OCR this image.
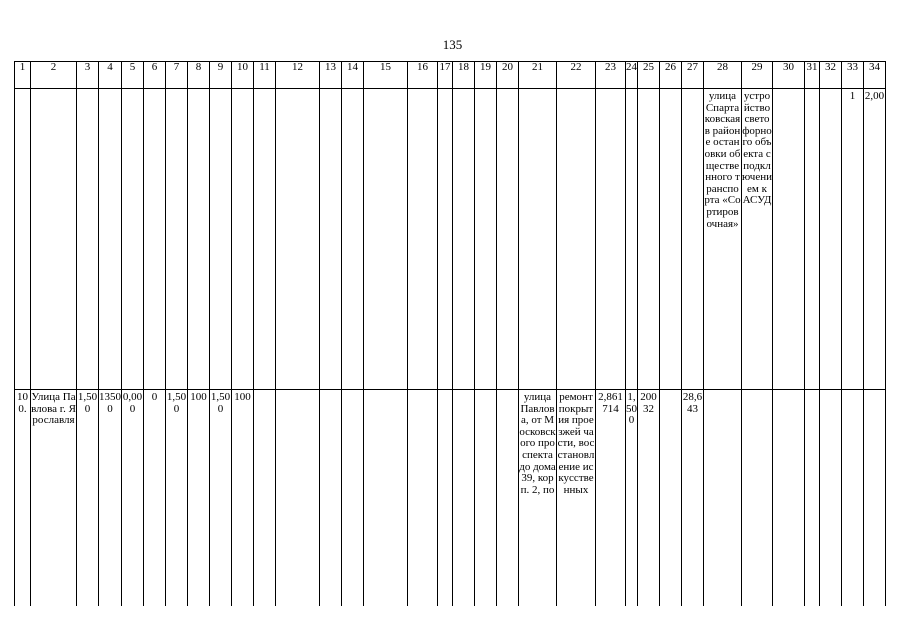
135
1	2	3	4	5	6	7	8	9	10	11	12	13	14	15	16	17	18	19	20	21	22	23	24	25	26	27	28	29	30	31	32	33	34

																											улица Спартаковская в районе остановки общественного транспорта «Сортировочная»	устройство светофорного объекта с подключением к АСУД				1	2,00

100.	Улица Павлова г. Ярославля	1,500	13500	0,000	0	1,500	100	1,500	100											улица Павлова, от Московского проспекта до дома 39, корп. 2, по	ремонт покрытия проезжей части, восстановление искусственных	2,861714	1,500	20032		28,643							
